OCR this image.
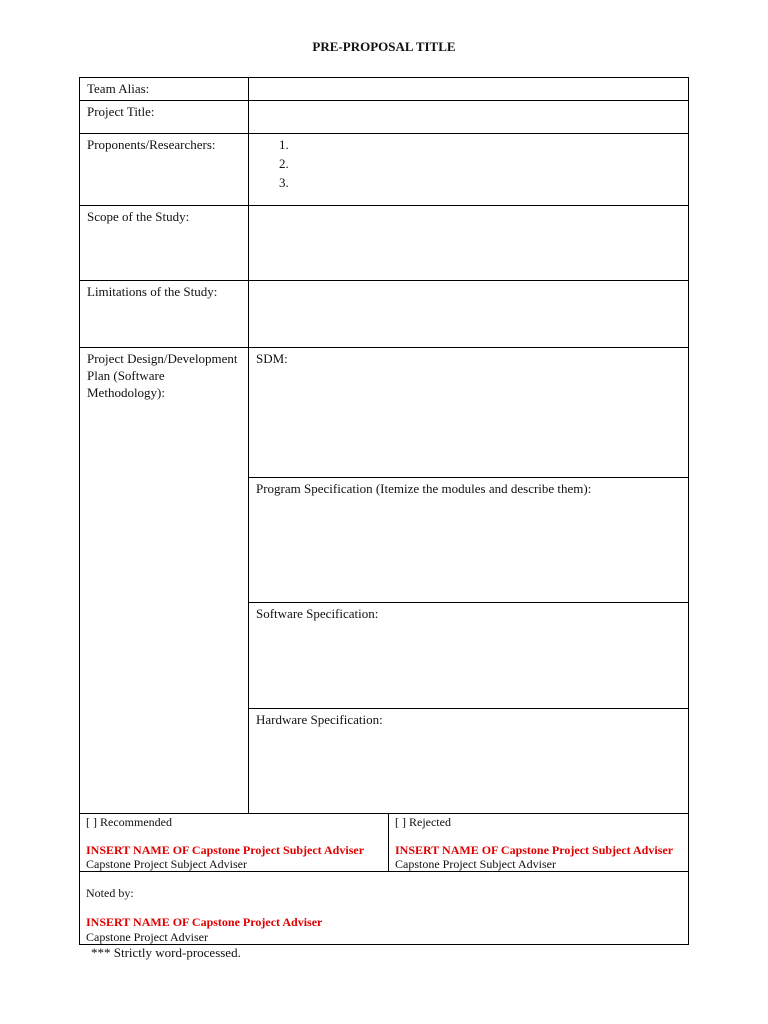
PRE-PROPOSAL TITLE
Team Alias:
Project Title:
Proponents/Researchers:	1.
2.
3.
Scope of the Study:
Limitations of the Study:
Project Design/Development Plan (Software Methodology):
SDM:
Program Specification (Itemize the modules and describe them):
Software Specification:
Hardware Specification:
[ ] Recommended
INSERT NAME OF Capstone Project Subject Adviser
Capstone Project Subject Adviser
[ ] Rejected
INSERT NAME OF Capstone Project Subject Adviser
Capstone Project Subject Adviser
Noted by:
INSERT NAME OF Capstone Project Adviser
Capstone Project Adviser
*** Strictly word-processed.
